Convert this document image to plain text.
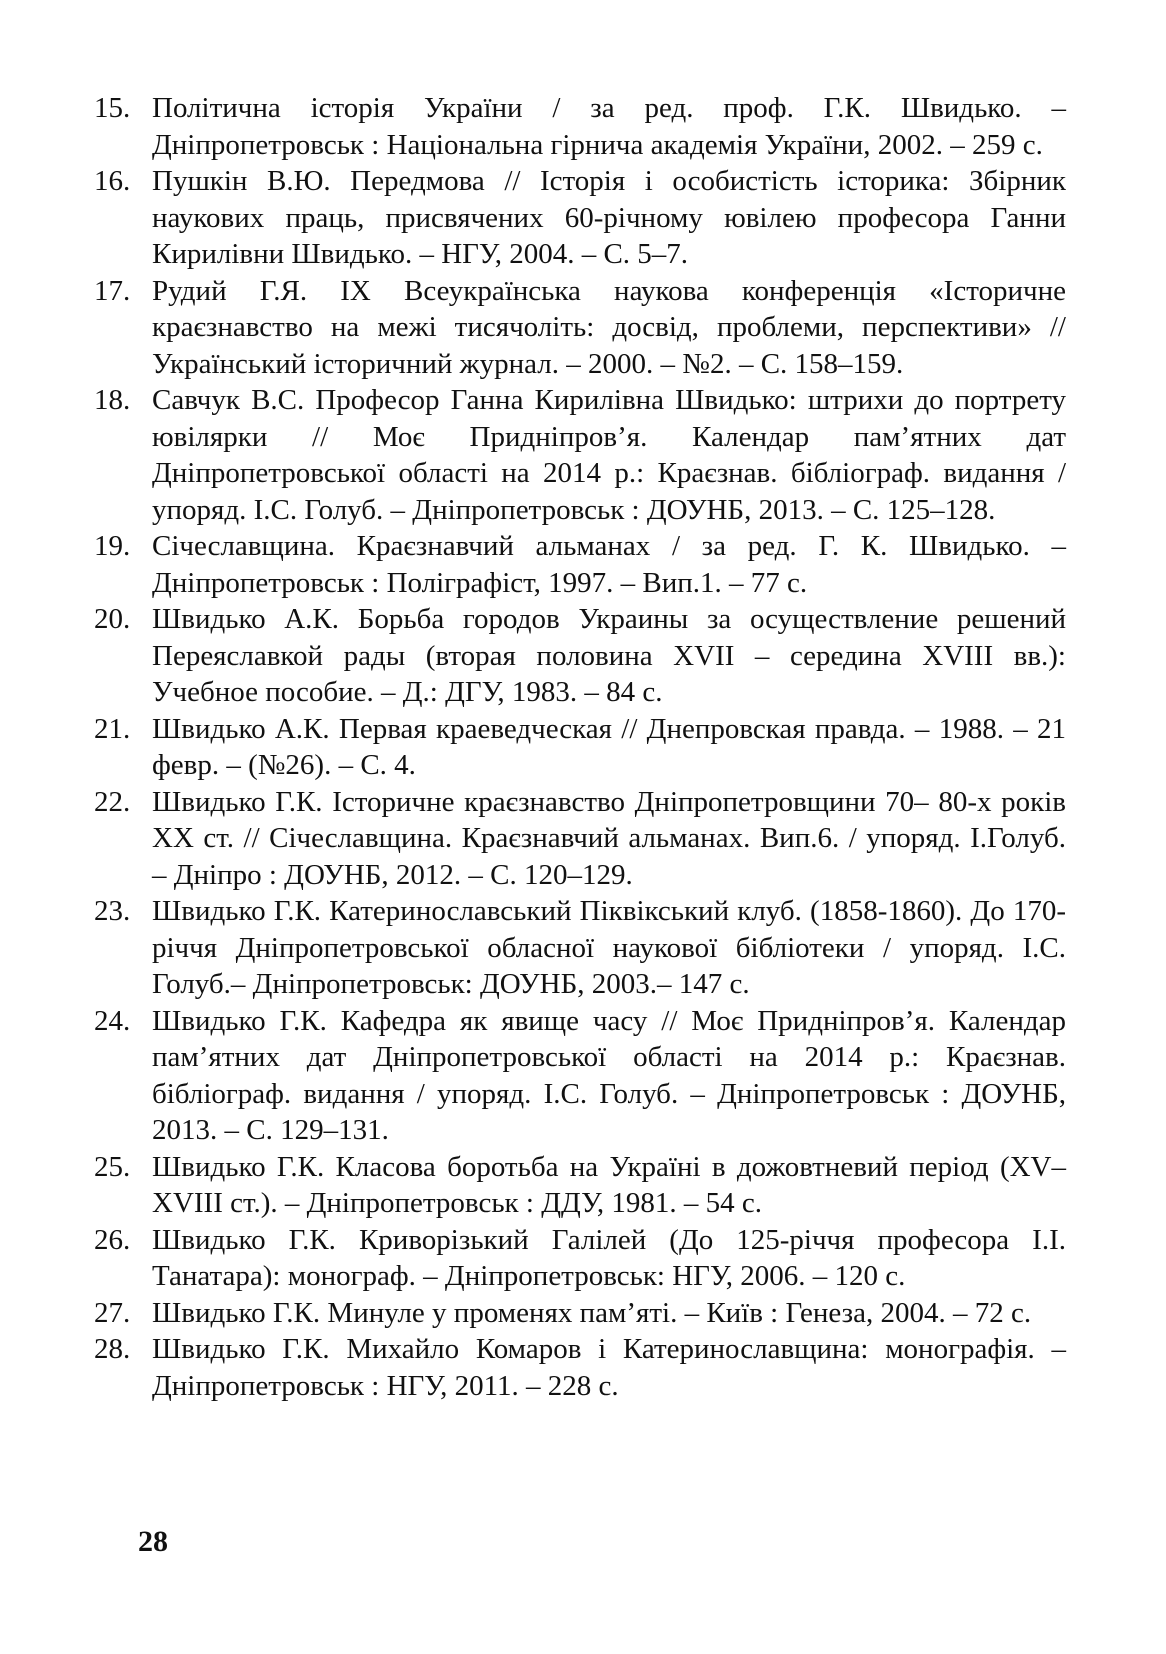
15. Політична історія України / за ред. проф. Г.К. Швидько. – Дніпропетровськ : Національна гірнича академія України, 2002. – 259 с.
16. Пушкін В.Ю. Передмова // Історія і особистість історика: Збірник наукових праць, присвячених 60-річному ювілею професора Ганни Кирилівни Швидько. – НГУ, 2004. – С. 5–7.
17. Рудий Г.Я. IX Всеукраїнська наукова конференція «Історичне краєзнавство на межі тисячоліть: досвід, проблеми, перспективи» // Український історичний журнал. – 2000. – №2. – С. 158–159.
18. Савчук В.С. Професор Ганна Кирилівна Швидько: штрихи до портрету ювілярки // Моє Придніпров’я. Календар пам’ятних дат Дніпропетровської області на 2014 р.: Краєзнав. бібліограф. видання / упоряд. І.С. Голуб. – Дніпропетровськ : ДОУНБ, 2013. – С. 125–128.
19. Січеславщина. Краєзнавчий альманах / за ред. Г. К. Швидько. – Дніпропетровськ : Поліграфіст, 1997. – Вип.1. – 77 с.
20. Швидько А.К. Борьба городов Украины за осуществление решений Переяславкой рады (вторая половина XVII – середина XVIII вв.): Учебное пособие. – Д.: ДГУ, 1983. – 84 с.
21. Швидько А.К. Первая краеведческая // Днепровская правда. – 1988. – 21 февр. – (№26). – С. 4.
22. Швидько Г.К. Історичне краєзнавство Дніпропетровщини 70– 80-х років XX ст. // Січеславщина. Краєзнавчий альманах. Вип.6. / упоряд. І.Голуб. – Дніпро : ДОУНБ, 2012. – С. 120–129.
23. Швидько Г.К. Катеринославський Піквікський клуб. (1858-1860). До 170-річчя Дніпропетровської обласної наукової бібліотеки / упоряд. І.С. Голуб.– Дніпропетровськ: ДОУНБ, 2003.– 147 с.
24. Швидько Г.К. Кафедра як явище часу // Моє Придніпров’я. Календар пам’ятних дат Дніпропетровської області на 2014 р.: Краєзнав. бібліограф. видання / упоряд. І.С. Голуб. – Дніпропетровськ : ДОУНБ, 2013. – С. 129–131.
25. Швидько Г.К. Класова боротьба на Україні в дожовтневий період (XV–XVIII ст.). – Дніпропетровськ : ДДУ, 1981. – 54 с.
26. Швидько Г.К. Криворізький Галілей (До 125-річчя професора І.І. Танатара): монограф. – Дніпропетровськ: НГУ, 2006. – 120 с.
27. Швидько Г.К. Минуле у променях пам’яті. – Київ : Генеза, 2004. – 72 с.
28. Швидько Г.К. Михайло Комаров і Катеринославщина: монографія. – Дніпропетровськ : НГУ, 2011. – 228 с.
28
